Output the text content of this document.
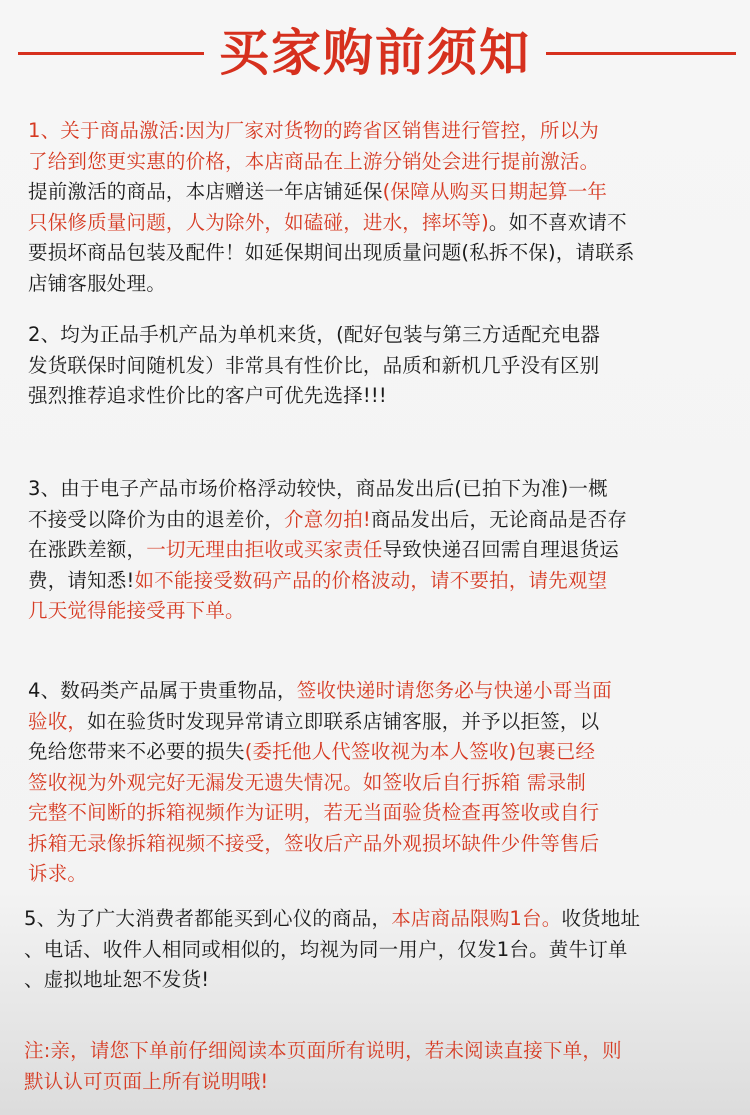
买家购前须知

1、关于商品激活:因为厂家对货物的跨省区销售进行管控，所以为
了给到您更实惠的价格，本店商品在上游分销处会进行提前激活。
提前激活的商品，本店赠送一年店铺延保(保障从购买日期起算一年
只保修质量问题，人为除外，如磕碰，进水，摔坏等)。如不喜欢请不
要损坏商品包装及配件！如延保期间出现质量问题(私拆不保)，请联系
店铺客服处理。

2、均为正品手机产品为单机来货，(配好包装与第三方适配充电器
发货联保时间随机发）非常具有性价比，品质和新机几乎没有区别
强烈推荐追求性价比的客户可优先选择!!!

3、由于电子产品市场价格浮动较快，商品发出后(已拍下为准)一概
不接受以降价为由的退差价，介意勿拍!商品发出后，无论商品是否存
在涨跌差额，一切无理由拒收或买家责任导致快递召回需自理退货运
费，请知悉!如不能接受数码产品的价格波动，请不要拍，请先观望
几天觉得能接受再下单。

4、数码类产品属于贵重物品，签收快递时请您务必与快递小哥当面
验收，如在验货时发现异常请立即联系店铺客服，并予以拒签，以
免给您带来不必要的损失(委托他人代签收视为本人签收)包裹已经
签收视为外观完好无漏发无遗失情况。如签收后自行拆箱 需录制
完整不间断的拆箱视频作为证明，若无当面验货检查再签收或自行
拆箱无录像拆箱视频不接受，签收后产品外观损坏缺件少件等售后
诉求。

5、为了广大消费者都能买到心仪的商品，本店商品限购1台。收货地址
、电话、收件人相同或相似的，均视为同一用户，仅发1台。黄牛订单
、虚拟地址恕不发货!

注:亲，请您下单前仔细阅读本页面所有说明，若未阅读直接下单，则
默认认可页面上所有说明哦!
